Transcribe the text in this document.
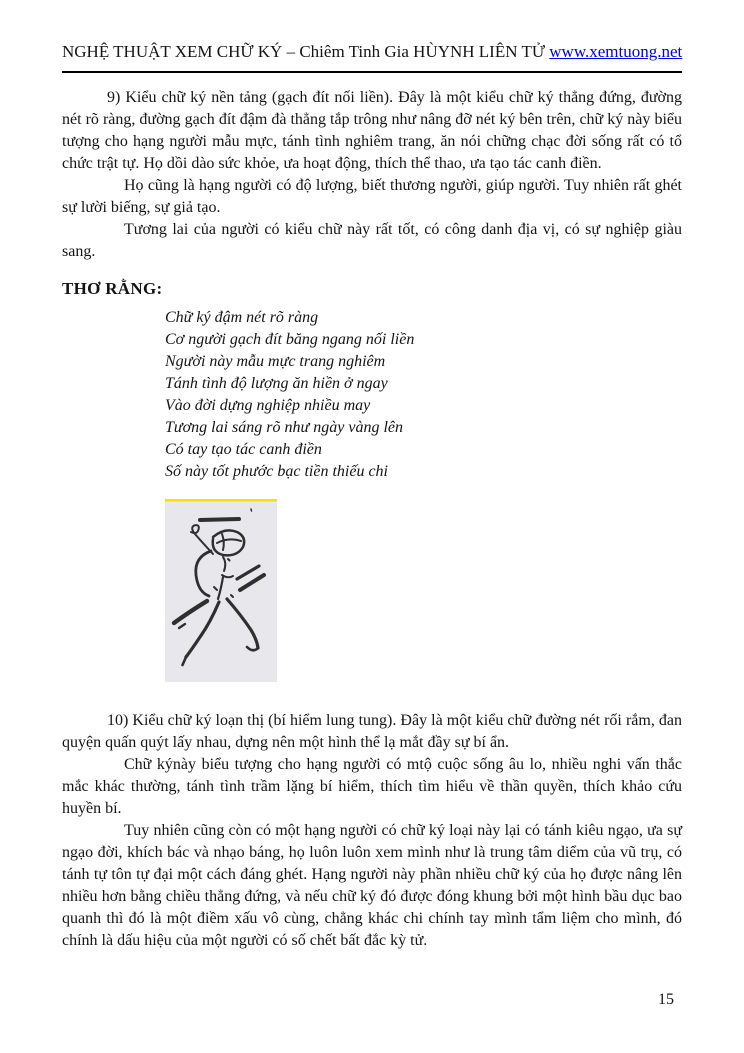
NGHỆ THUẬT XEM CHỮ KÝ – Chiêm Tinh Gia HÙYNH LIÊN TỬ www.xemtuong.net

9) Kiểu chữ ký nền tảng (gạch đít nối liền). Đây là một kiểu chữ ký thẳng đứng, đường nét rõ ràng, đường gạch đít đậm đà thẳng tắp trông như nâng đỡ nét ký bên trên, chữ ký này biểu tượng cho hạng người mẫu mực, tánh tình nghiêm trang, ăn nói chững chạc đời sống rất có tổ chức trật tự. Họ dồi dào sức khỏe, ưa hoạt động, thích thể thao, ưa tạo tác canh điền.

Họ cũng là hạng người có độ lượng, biết thương người, giúp người. Tuy nhiên rất ghét sự lười biếng, sự giả tạo.

Tương lai của người có kiểu chữ này rất tốt, có công danh địa vị, có sự nghiệp giàu sang.

THƠ RẰNG:
Chữ ký đậm nét rõ ràng
Cơ người gạch đít băng ngang nối liền
Người này mẫu mực trang nghiêm
Tánh tình độ lượng ăn hiền ở ngay
Vào đời dựng nghiệp nhiều may
Tương lai sáng rõ như ngày vàng lên
Có tay tạo tác canh điền
Số này tốt phước bạc tiền thiếu chi

10) Kiểu chữ ký loạn thị (bí hiểm lung tung). Đây là một kiểu chữ đường nét rối rắm, đan quyện quấn quýt lấy nhau, dựng nên một hình thể lạ mắt đầy sự bí ẩn.

Chữ kýnày biểu tượng cho hạng người có mtộ cuộc sống âu lo, nhiều nghi vấn thắc mắc khác thường, tánh tình trầm lặng bí hiểm, thích tìm hiểu về thần quyền, thích khảo cứu huyền bí.

Tuy nhiên cũng còn có một hạng người có chữ ký loại này lại có tánh kiêu ngạo, ưa sự ngạo đời, khích bác và nhạo báng, họ luôn luôn xem mình như là trung tâm diểm của vũ trụ, có tánh tự tôn tự đại một cách đáng ghét. Hạng người này phần nhiều chữ ký của họ được nâng lên nhiều hơn bằng chiều thẳng đứng, và nếu chữ ký đó được đóng khung bởi một hình bầu dục bao quanh thì đó là một điềm xấu vô cùng, chẳng khác chi chính tay mình tẩm liệm cho mình, đó chính là dấu hiệu của một người có số chết bất đắc kỳ tử.

15
